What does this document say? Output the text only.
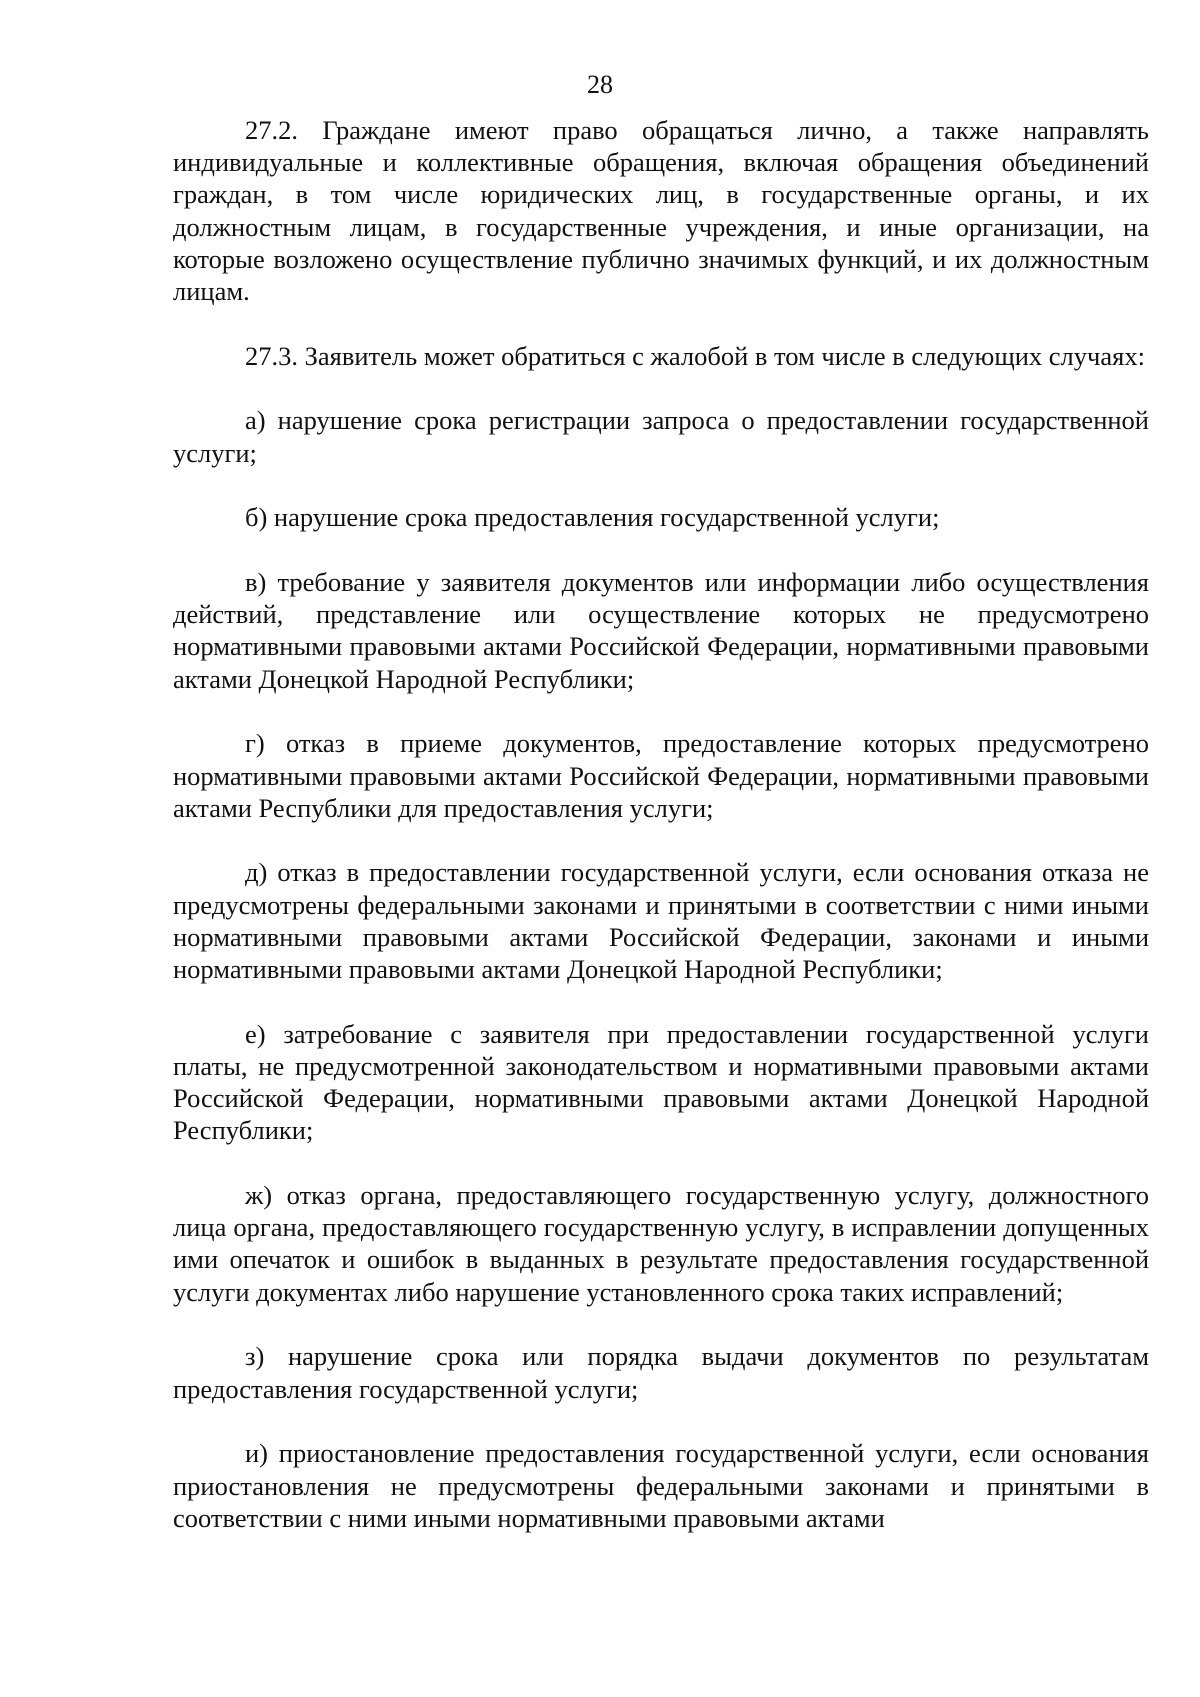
28

27.2. Граждане имеют право обращаться лично, а также направлять индивидуальные и коллективные обращения, включая обращения объединений граждан, в том числе юридических лиц, в государственные органы, и их должностным лицам, в государственные учреждения, и иные организации, на которые возложено осуществление публично значимых функций, и их должностным лицам.

27.3. Заявитель может обратиться с жалобой в том числе в следующих случаях:

а) нарушение срока регистрации запроса о предоставлении государственной услуги;

б) нарушение срока предоставления государственной услуги;

в) требование у заявителя документов или информации либо осуществления действий, представление или осуществление которых не предусмотрено нормативными правовыми актами Российской Федерации, нормативными правовыми актами Донецкой Народной Республики;

г) отказ в приеме документов, предоставление которых предусмотрено нормативными правовыми актами Российской Федерации, нормативными правовыми актами Республики для предоставления услуги;

д) отказ в предоставлении государственной услуги, если основания отказа не предусмотрены федеральными законами и принятыми в соответствии с ними иными нормативными правовыми актами Российской Федерации, законами и иными нормативными правовыми актами Донецкой Народной Республики;

е) затребование с заявителя при предоставлении государственной услуги платы, не предусмотренной законодательством и нормативными правовыми актами Российской Федерации, нормативными правовыми актами Донецкой Народной Республики;

ж) отказ органа, предоставляющего государственную услугу, должностного лица органа, предоставляющего государственную услугу, в исправлении допущенных ими опечаток и ошибок в выданных в результате предоставления государственной услуги документах либо нарушение установленного срока таких исправлений;

з) нарушение срока или порядка выдачи документов по результатам предоставления государственной услуги;

и) приостановление предоставления государственной услуги, если основания приостановления не предусмотрены федеральными законами и принятыми в соответствии с ними иными нормативными правовыми актами
